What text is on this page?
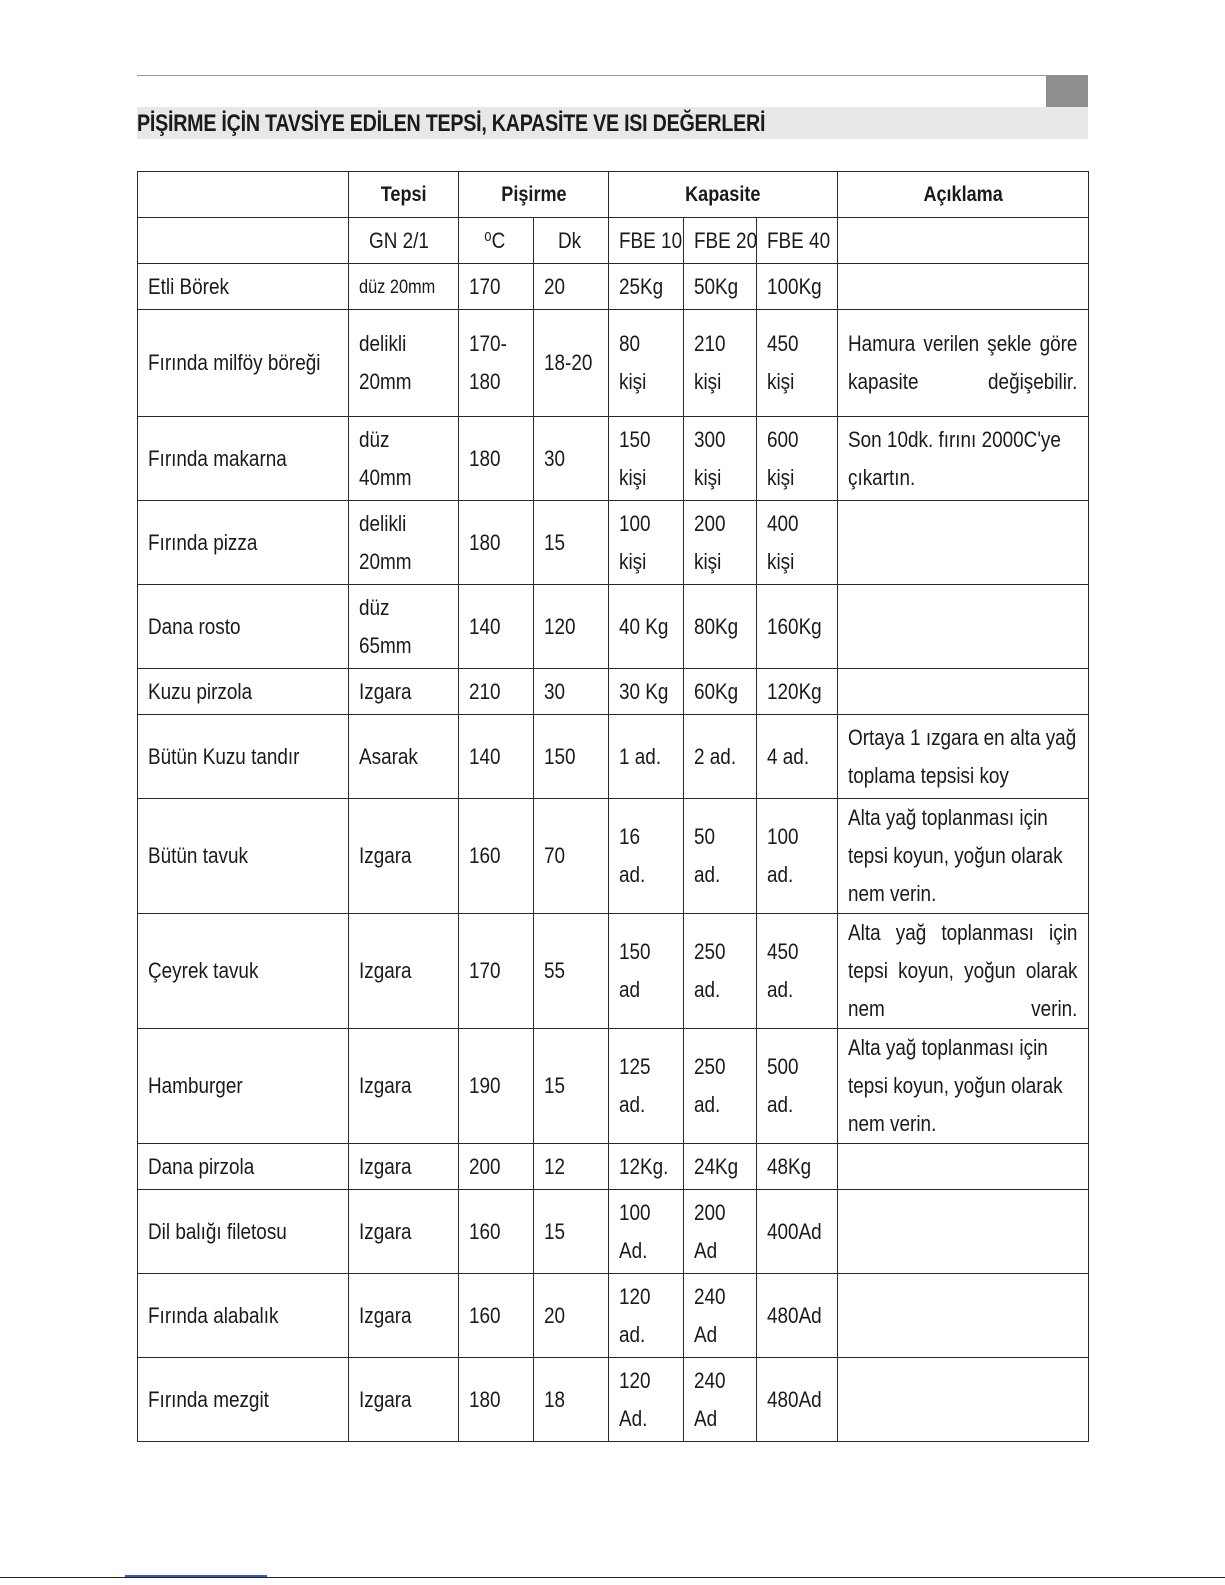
PİŞİRME İÇİN TAVSİYE EDİLEN TEPSİ, KAPASİTE VE ISI DEĞERLERİ
	Tepsi	Pişirme		Kapasite			Açıklama
	GN 2/1	⁰C	Dk	FBE 10	FBE 20	FBE 40	
Etli Börek	düz 20mm	170	20	25Kg	50Kg	100Kg	

Fırında milföy böreği	delikli 20mm	170-180	18-20	80 kişi	210 kişi	450 kişi	Hamura verilen şekle göre kapasite değişebilir.

Fırında makarna	düz 40mm	180	30	150 kişi	300 kişi	600 kişi	Son 10dk. fırını 2000C'ye çıkartın.

Fırında pizza	delikli 20mm	180	15	100 kişi	200 kişi	400 kişi	

Dana rosto	düz 65mm	140	120	40 Kg	80Kg	160Kg	

Kuzu pirzola	Izgara	210	30	30 Kg	60Kg	120Kg	

Bütün Kuzu tandır	Asarak	140	150	1 ad.	2 ad.	4 ad.	Ortaya 1 ızgara en alta yağ toplama tepsisi koy

Bütün tavuk	Izgara	160	70	16 ad.	50 ad.	100 ad.	Alta yağ toplanması için tepsi koyun, yoğun olarak nem verin.

Çeyrek tavuk	Izgara	170	55	150 ad	250 ad.	450 ad.	Alta yağ toplanması için tepsi koyun, yoğun olarak nem verin.

Hamburger	Izgara	190	15	125 ad.	250 ad.	500 ad.	Alta yağ toplanması için tepsi koyun, yoğun olarak nem verin.

Dana pirzola	Izgara	200	12	12Kg.	24Kg	48Kg	

Dil balığı filetosu	Izgara	160	15	100 Ad.	200 Ad	400Ad	

Fırında alabalık	Izgara	160	20	120 ad.	240 Ad	480Ad	

Fırında mezgit	Izgara	180	18	120 Ad.	240 Ad	480Ad	
